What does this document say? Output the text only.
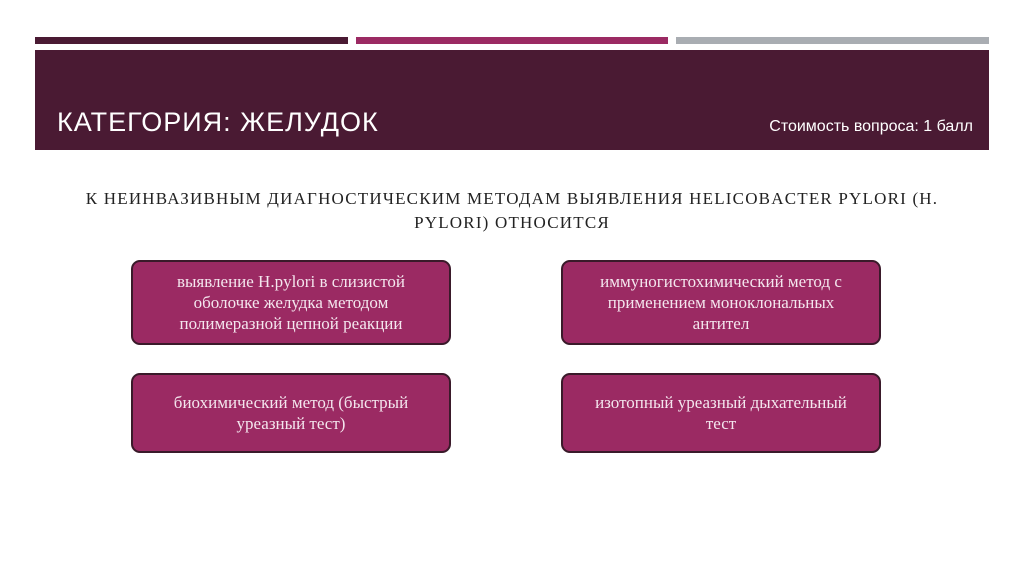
КАТЕГОРИЯ: ЖЕЛУДОК	Стоимость вопроса: 1 балл
К НЕИНВАЗИВНЫМ ДИАГНОСТИЧЕСКИМ МЕТОДАМ ВЫЯВЛЕНИЯ HELICOBACTER PYLORI (H. PYLORI) ОТНОСИТСЯ
выявление H.pylori в слизистой оболочке желудка методом полимеразной цепной реакции
иммуногистохимический метод с применением моноклональных антител
биохимический метод (быстрый уреазный тест)
изотопный уреазный дыхательный тест
